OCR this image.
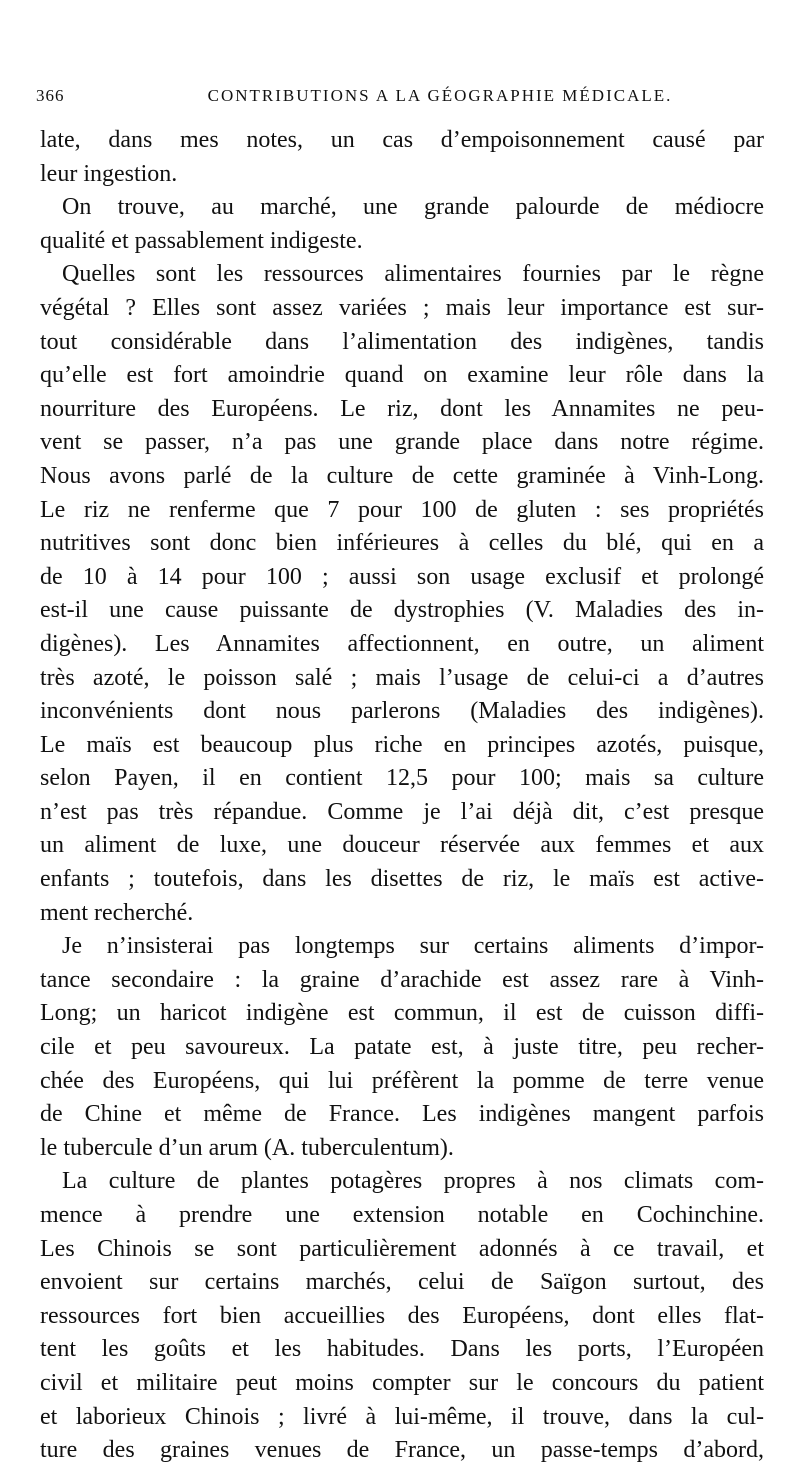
366	CONTRIBUTIONS A LA GÉOGRAPHIE MÉDICALE.
late, dans mes notes, un cas d’empoisonnement causé par
leur ingestion.
On trouve, au marché, une grande palourde de médiocre
qualité et passablement indigeste.
Quelles sont les ressources alimentaires fournies par le règne
végétal ? Elles sont assez variées ; mais leur importance est sur-
tout considérable dans l’alimentation des indigènes, tandis
qu’elle est fort amoindrie quand on examine leur rôle dans la
nourriture des Européens. Le riz, dont les Annamites ne peu-
vent se passer, n’a pas une grande place dans notre régime.
Nous avons parlé de la culture de cette graminée à Vinh-Long.
Le riz ne renferme que 7 pour 100 de gluten : ses propriétés
nutritives sont donc bien inférieures à celles du blé, qui en a
de 10 à 14 pour 100 ; aussi son usage exclusif et prolongé
est-il une cause puissante de dystrophies (V. Maladies des in-
digènes). Les Annamites affectionnent, en outre, un aliment
très azoté, le poisson salé ; mais l’usage de celui-ci a d’autres
inconvénients dont nous parlerons (Maladies des indigènes).
Le maïs est beaucoup plus riche en principes azotés, puisque,
selon Payen, il en contient 12,5 pour 100; mais sa culture
n’est pas très répandue. Comme je l’ai déjà dit, c’est presque
un aliment de luxe, une douceur réservée aux femmes et aux
enfants ; toutefois, dans les disettes de riz, le maïs est active-
ment recherché.
Je n’insisterai pas longtemps sur certains aliments d’impor-
tance secondaire : la graine d’arachide est assez rare à Vinh-
Long; un haricot indigène est commun, il est de cuisson diffi-
cile et peu savoureux. La patate est, à juste titre, peu recher-
chée des Européens, qui lui préfèrent la pomme de terre venue
de Chine et même de France. Les indigènes mangent parfois
le tubercule d’un arum (A. tuberculentum).
La culture de plantes potagères propres à nos climats com-
mence à prendre une extension notable en Cochinchine.
Les Chinois se sont particulièrement adonnés à ce travail, et
envoient sur certains marchés, celui de Saïgon surtout, des
ressources fort bien accueillies des Européens, dont elles flat-
tent les goûts et les habitudes. Dans les ports, l’Européen
civil et militaire peut moins compter sur le concours du patient
et laborieux Chinois ; livré à lui-même, il trouve, dans la cul-
ture des graines venues de France, un passe-temps d’abord,
